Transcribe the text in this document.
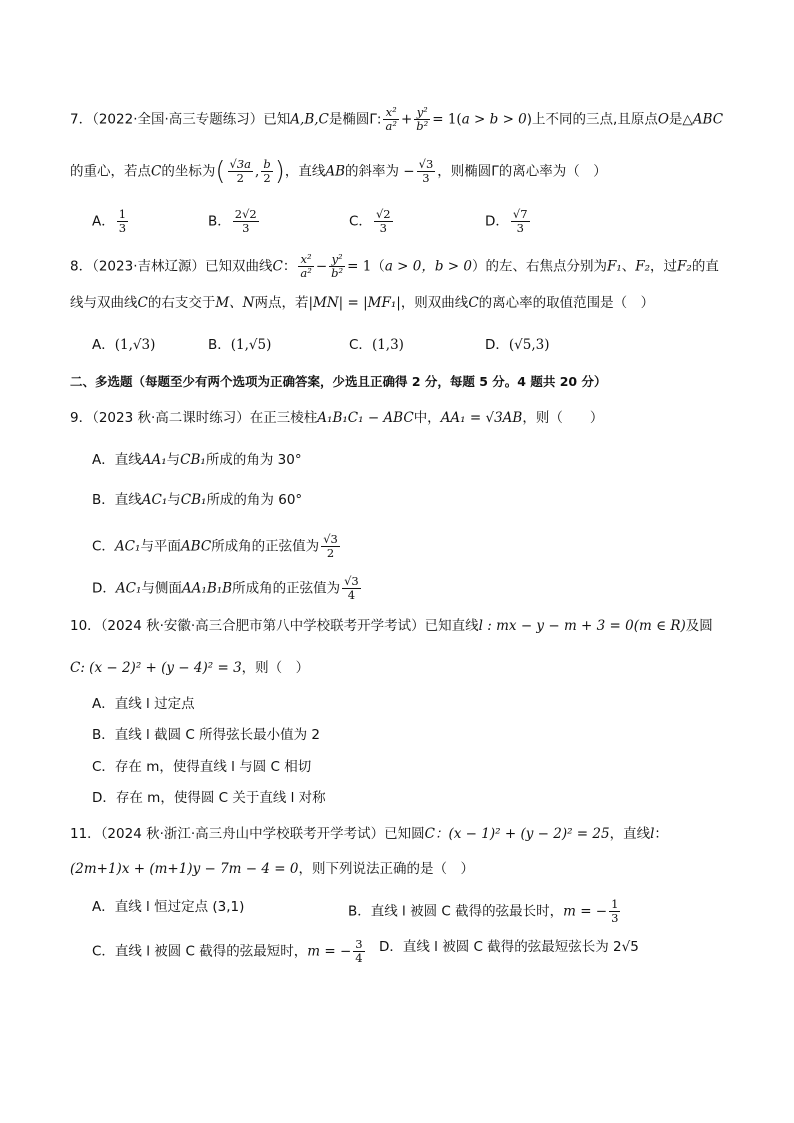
7．（2022·全国·高三专题练习）已知A,B,C是椭圆Γ: $\frac{\text{x²}}{\text{a²}} + \frac{\text{y²}}{\text{b²}} = 1(a > b > 0)$上不同的三点,且原点O是△ABC
的重心，若点C的坐标为( $\frac{√3a}{2}$ , $\frac{b}{2}$ )，直线AB的斜率为 − $\frac{√3}{3}$ ，则椭圆Γ的离心率为（　）
A． $\frac{1}{3}$	B． $\frac{2√2}{3}$	C． $\frac{√2}{3}$	D． $\frac{√7}{3}$
8．（2023·吉林辽源）已知双曲线C： $\frac{\text{x²}}{\text{a²}} - \frac{\text{y²}}{\text{b²}} = 1(a > 0$，b > 0）的左、右焦点分别为F₁、F₂，过F₂的直
线与双曲线C的右支交于M、N两点，若|MN| = |MF₁|，则双曲线C的离心率的取值范围是（　）
A．(1,√3)	B．(1,√5)	C．(1,3)	D．(√5,3)
二、多选题（每题至少有两个选项为正确答案，少选且正确得 2 分，每题 5 分。4 题共 20 分）
9．（2023 秋·高二课时练习）在正三棱柱A₁B₁C₁ − ABC中，AA₁ = √3AB，则（　　）
A．直线AA₁与CB₁所成的角为 30°
B．直线AC₁与CB₁所成的角为 60°
C．AC₁与平面ABC所成角的正弦值为 $\frac{√3}{2}$
D．AC₁与侧面AA₁B₁B所成角的正弦值为 $\frac{√3}{4}$
10．（2024 秋·安徽·高三合肥市第八中学校联考开学考试）已知直线l : mx − y − m + 3 = 0(m ∈ R)及圆
C: (x − 2)² + (y − 4)² = 3，则（　）
A．直线 l 过定点
B．直线 l 截圆 C 所得弦长最小值为 2
C．存在 m，使得直线 l 与圆 C 相切
D．存在 m，使得圆 C 关于直线 l 对称
11．（2024 秋·浙江·高三舟山中学校联考开学考试）已知圆C：(x − 1)² + (y − 2)² = 25，直线l：
(2m+1)x + (m+1)y − 7m − 4 = 0，则下列说法正确的是（　）
A．直线 l 恒过定点 (3,1)	B．直线 l 被圆 C 截得的弦最长时，m = − $\frac{1}{3}$
C．直线 l 被圆 C 截得的弦最短时，m = − $\frac{3}{4}$ D．直线 l 被圆 C 截得的弦最短弦长为 2√5
